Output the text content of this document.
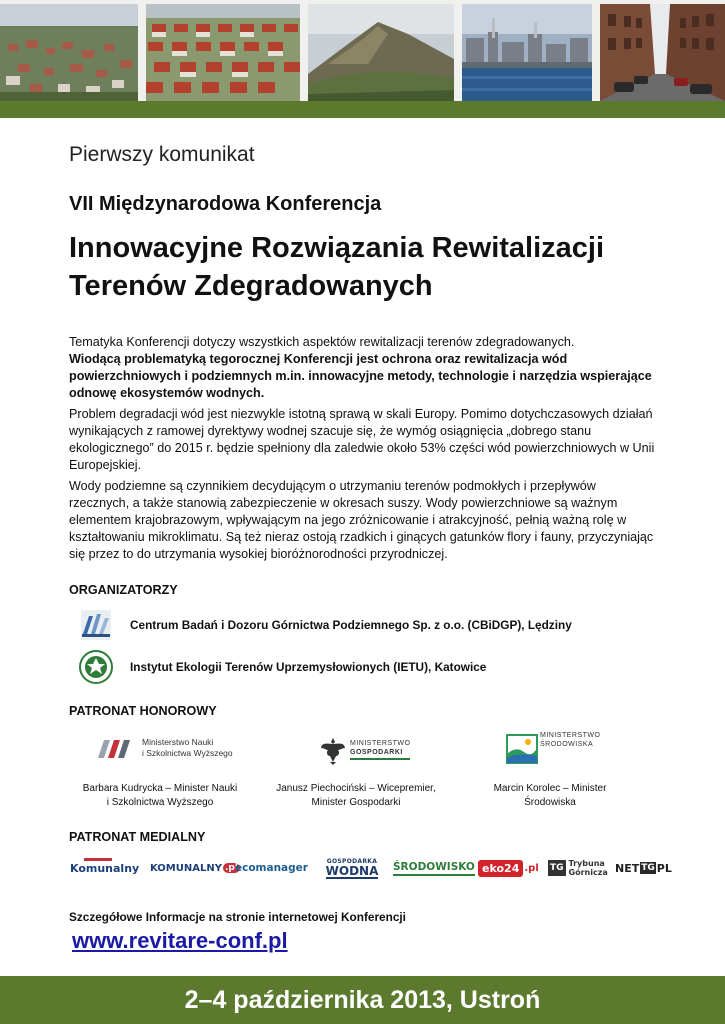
Pierwszy komunikat
VII Międzynarodowa Konferencja
Innowacyjne Rozwiązania Rewitalizacji
Terenów Zdegradowanych

Tematyka Konferencji dotyczy wszystkich aspektów rewitalizacji terenów zdegradowanych.
Wiodącą problematyką tegorocznej Konferencji jest ochrona oraz rewitalizacja wód powierzchniowych i podziemnych m.in. innowacyjne metody, technologie i narzędzia wspierające odnowę ekosystemów wodnych.

Problem degradacji wód jest niezwykle istotną sprawą w skali Europy. Pomimo dotychczasowych działań wynikających z ramowej dyrektywy wodnej szacuje się, że wymóg osiągnięcia „dobrego stanu ekologicznego” do 2015 r. będzie spełniony dla zaledwie około 53% części wód powierzchniowych w Unii Europejskiej.

Wody podziemne są czynnikiem decydującym o utrzymaniu terenów podmokłych i przepływów rzecznych, a także stanowią zabezpieczenie w okresach suszy. Wody powierzchniowe są ważnym elementem krajobrazowym, wpływającym na jego zróżnicowanie i atrakcyjność, pełnią ważną rolę w kształtowaniu mikroklimatu. Są też nieraz ostoją rzadkich i ginących gatunków flory i fauny, przyczyniając się przez to do utrzymania wysokiej bioróżnorodności przyrodniczej.

ORGANIZATORZY
Centrum Badań i Dozoru Górnictwa Podziemnego Sp. z o.o. (CBiDGP), Lędziny
Instytut Ekologii Terenów Uprzemysłowionych (IETU), Katowice
PATRONAT HONOROWY
Ministerstwo Nauki
i Szkolnictwa Wyższego
MINISTERSTWO
GOSPODARKI
MINISTERSTWO
ŚRODOWISKA
Barbara Kudrycka – Minister Nauki
i Szkolnictwa Wyższego
Janusz Piechociński – Wicepremier,
Minister Gospodarki
Marcin Korolec – Minister
Środowiska
PATRONAT MEDIALNY
Komunalny KOMUNALNY .pl
ecomanager
GOSPODARKA
WODNA ŚRODOWISKO eko24 .pl TG Trybuna
Górnicza NET TG PL
Szczegółowe Informacje na stronie internetowej Konferencji
www.revitare-conf.pl
2–4 października 2013, Ustroń
